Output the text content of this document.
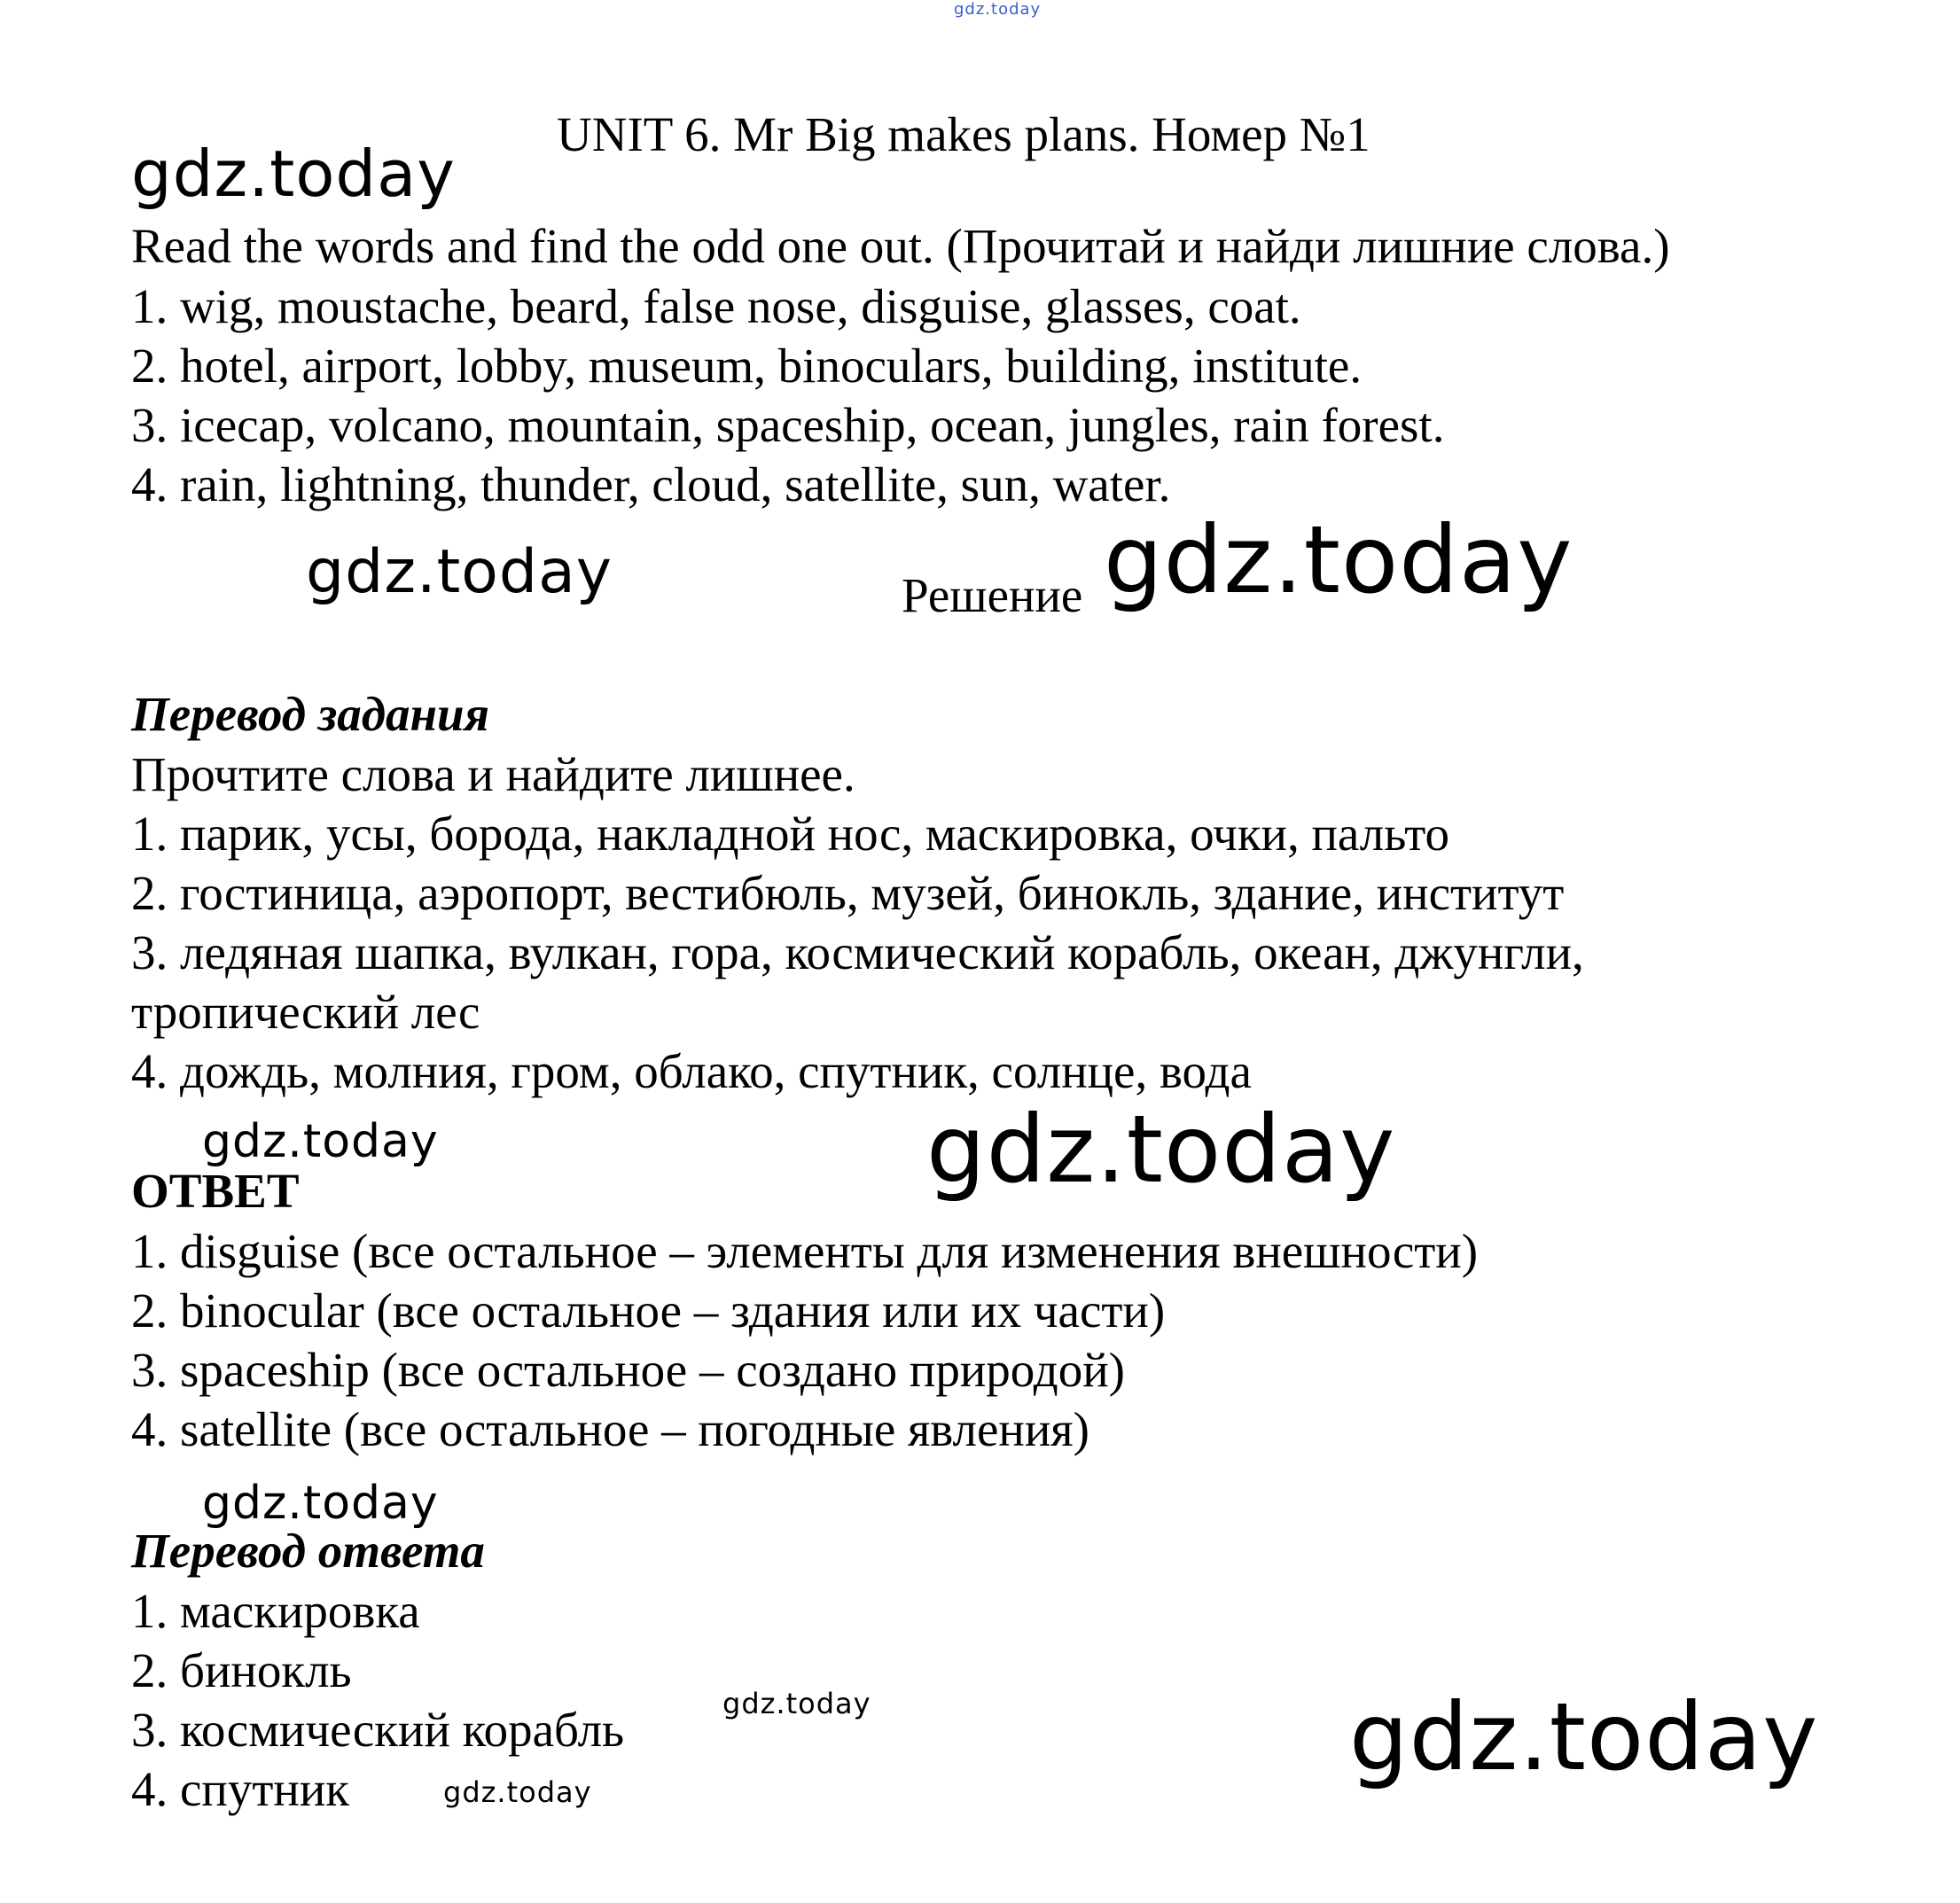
gdz.today
gdz.today
gdz.today	gdz.today
gdz.today	gdz.today
gdz.today
gdz.today	gdz.today
gdz.today
UNIT 6. Mr Big makes plans. Номер №1
Read the words and find the odd one out. (Прочитай и найди лишние слова.)
1. wig, moustache, beard, false nose, disguise, glasses, coat.
2. hotel, airport, lobby, museum, binoculars, building, institute.
3. icecap, volcano, mountain, spaceship, ocean, jungles, rain forest.
4. rain, lightning, thunder, cloud, satellite, sun, water.
Решение
Перевод задания
Прочтите слова и найдите лишнее.
1. парик, усы, борода, накладной нос, маскировка, очки, пальто
2. гостиница, аэропорт, вестибюль, музей, бинокль, здание, институт
3. ледяная шапка, вулкан, гора, космический корабль, океан, джунгли,
тропический лес
4. дождь, молния, гром, облако, спутник, солнце, вода
ОТВЕТ
1. disguise (все остальное – элементы для изменения внешности)
2. binocular (все остальное – здания или их части)
3. spaceship (все остальное – создано природой)
4. satellite (все остальное – погодные явления)
Перевод ответа
1. маскировка
2. бинокль
3. космический корабль
4. спутник
